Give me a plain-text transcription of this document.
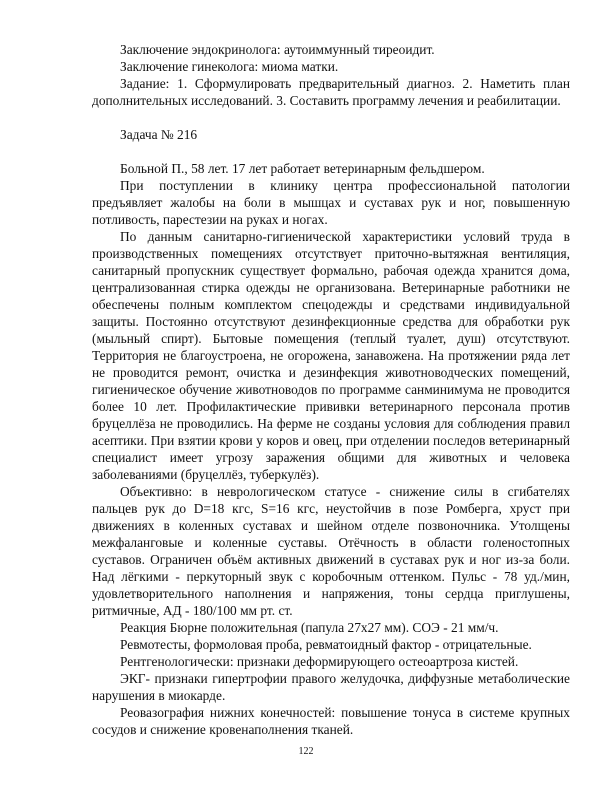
Заключение эндокринолога: аутоиммунный тиреоидит.

Заключение гинеколога: миома матки.

Задание: 1. Сформулировать предварительный диагноз. 2. Наметить план дополнительных исследований. 3. Составить программу лечения и реабилитации.

Задача № 216

Больной П., 58 лет. 17 лет работает ветеринарным фельдшером.

При поступлении в клинику центра профессиональной патологии предъявляет жалобы на боли в мышцах и суставах рук и ног, повышенную потливость, парестезии на руках и ногах.

По данным санитарно-гигиенической характеристики условий труда в производственных помещениях отсутствует приточно-вытяжная вентиляция, санитарный пропускник существует формально, рабочая одежда хранится дома, централизованная стирка одежды не организована. Ветеринарные работники не обеспечены полным комплектом спецодежды и средствами индивидуальной защиты. Постоянно отсутствуют дезинфекционные средства для обработки рук (мыльный спирт). Бытовые помещения (теплый туалет, душ) отсутствуют. Территория не благоустроена, не огорожена, занавожена. На протяжении ряда лет не проводится ремонт, очистка и дезинфекция животноводческих помещений, гигиеническое обучение животноводов по программе санминимума не проводится более 10 лет. Профилактические прививки ветеринарного персонала против бруцеллёза не проводились. На ферме не созданы условия для соблюдения правил асептики. При взятии крови у коров и овец, при отделении последов ветеринарный специалист имеет угрозу заражения общими для животных и человека заболеваниями (бруцеллёз, туберкулёз).

Объективно: в неврологическом статусе - снижение силы в сгибателях пальцев рук до D=18 кгс, S=16 кгс, неустойчив в позе Ромберга, хруст при движениях в коленных суставах и шейном отделе позвоночника. Утолщены межфаланговые и коленные суставы. Отёчность в области голеностопных суставов. Ограничен объём активных движений в суставах рук и ног из-за боли. Над лёгкими - перкуторный звук с коробочным оттенком. Пульс - 78 уд./мин, удовлетворительного наполнения и напряжения, тоны сердца приглушены, ритмичные, АД - 180/100 мм рт. ст.

Реакция Бюрне положительная (папула 27х27 мм). СОЭ - 21 мм/ч.

Ревмотесты, формоловая проба, ревматоидный фактор - отрицательные.

Рентгенологически: признаки деформирующего остеоартроза кистей.

ЭКГ- признаки гипертрофии правого желудочка, диффузные метаболические нарушения в миокарде.

Реовазография нижних конечностей: повышение тонуса в системе крупных сосудов и снижение кровенаполнения тканей.

122
